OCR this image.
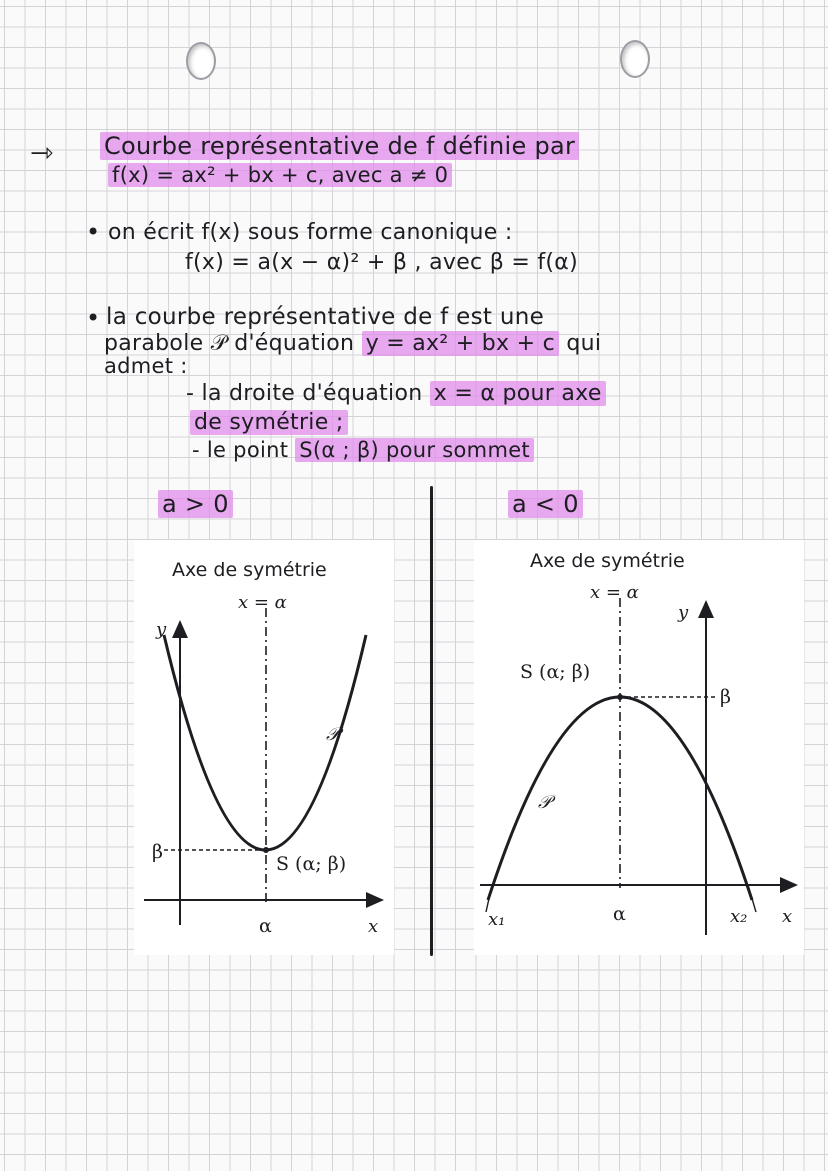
⇾ Courbe représentative de f définie par
f(x) = ax² + bx + c, avec a ≠ 0
• on écrit f(x) sous forme canonique :
f(x) = a(x − α)² + β , avec β = f(α)
• la courbe représentative de f est une
parabole 𝒫 d'équation y = ax² + bx + c qui
admet :
- la droite d'équation x = α pour axe
de symétrie ;
- le point S(α ; β) pour sommet
a > 0	a < 0
Axe de symétrie
x = α
y
x
β
α
S (α; β)
𝒫
Axe de symétrie
x = α
y
x
β
α
S (α; β)
𝒫
x₁	x₂
